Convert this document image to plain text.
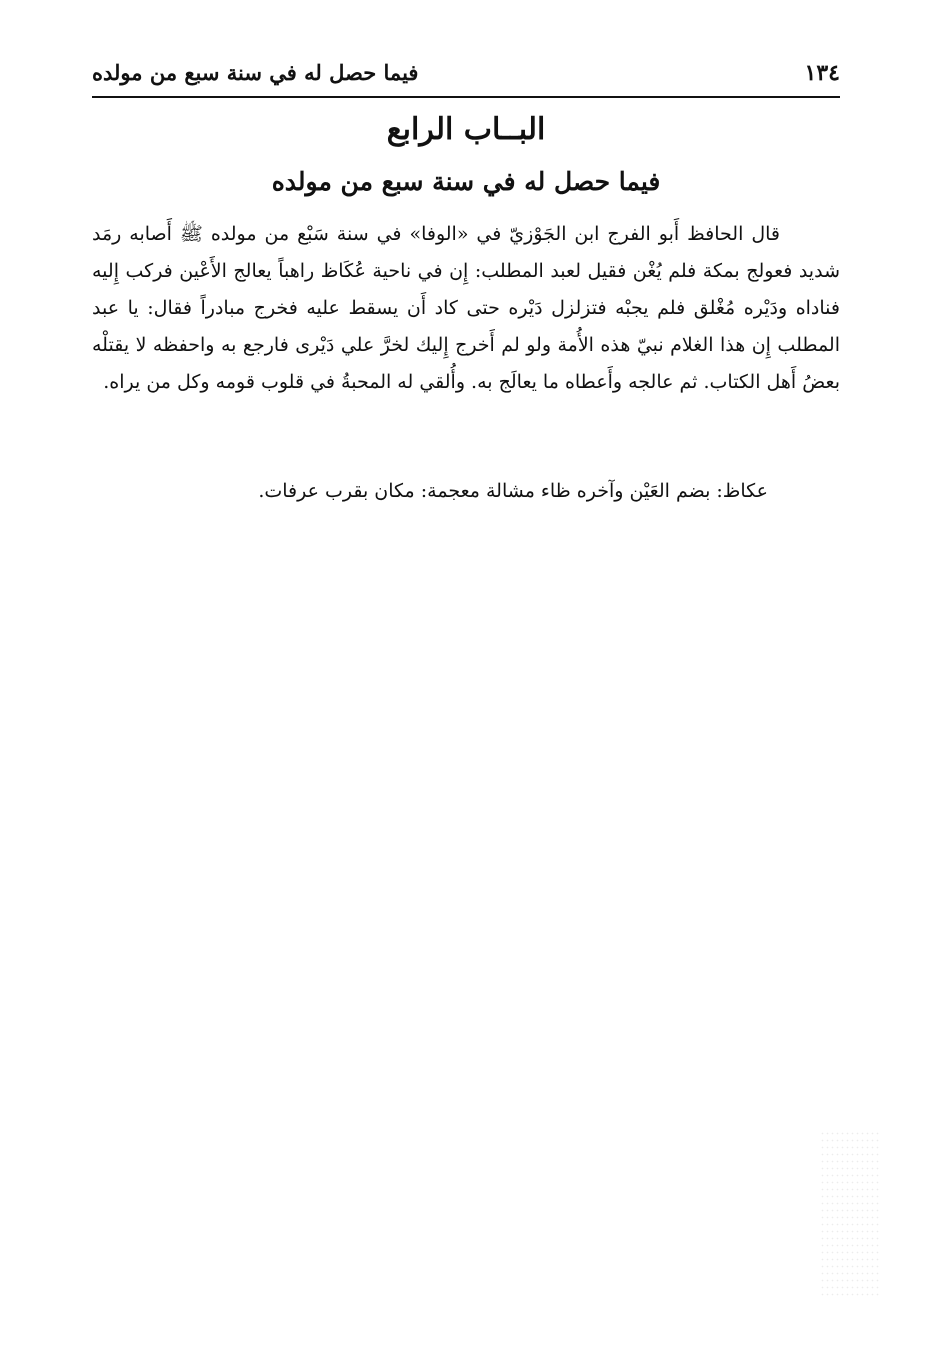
١٣٤
فيما حصل له في سنة سبع من مولده
البــاب الرابع
فيما حصل له في سنة سبع من مولده

قال الحافظ أَبو الفرج ابن الجَوْزيّ في «الوفا» في سنة سَبْع من مولده ﷺ أَصابه رمَد شديد فعولج بمكة فلم يُغْن فقيل لعبد المطلب: إِن في ناحية عُكَاظ راهباً يعالج الأَعْين فركب إِليه فناداه ودَيْره مُغْلق فلم يجبْه فتزلزل دَيْره حتى كاد أَن يسقط عليه فخرج مبادراً فقال: يا عبد المطلب إِن هذا الغلام نبيّ هذه الأُمة ولو لم أَخرج إِليك لخرَّ علي دَيْرى فارجع به واحفظه لا يقتلْه بعضُ أَهل الكتاب. ثم عالجه وأَعطاه ما يعالَج به. وأُلقي له المحبةُ في قلوب قومه وكل من يراه.

عكاظ: بضم العَيْن وآخره ظاء مشالة معجمة: مكان بقرب عرفات.
